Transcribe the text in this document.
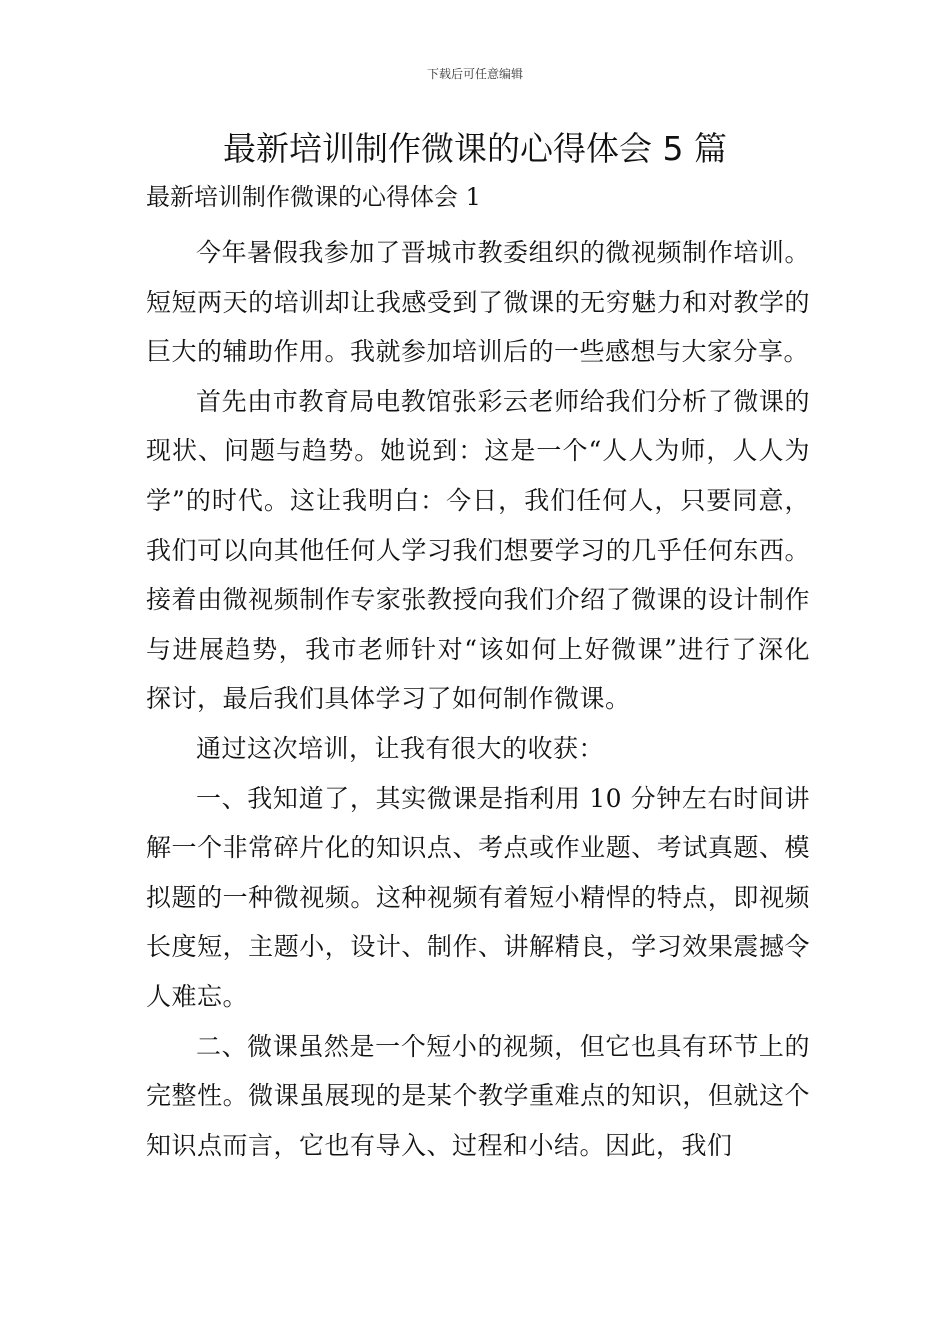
下载后可任意编辑
最新培训制作微课的心得体会 5 篇
最新培训制作微课的心得体会 1

今年暑假我参加了晋城市教委组织的微视频制作培训。短短两天的培训却让我感受到了微课的无穷魅力和对教学的巨大的辅助作用。我就参加培训后的一些感想与大家分享。

首先由市教育局电教馆张彩云老师给我们分析了微课的现状、问题与趋势。她说到：这是一个“人人为师，人人为学”的时代。这让我明白：今日，我们任何人，只要同意，我们可以向其他任何人学习我们想要学习的几乎任何东西。接着由微视频制作专家张教授向我们介绍了微课的设计制作与进展趋势，我市老师针对“该如何上好微课”进行了深化探讨，最后我们具体学习了如何制作微课。

通过这次培训，让我有很大的收获：

一、我知道了，其实微课是指利用 10 分钟左右时间讲解一个非常碎片化的知识点、考点或作业题、考试真题、模拟题的一种微视频。这种视频有着短小精悍的特点，即视频长度短，主题小，设计、制作、讲解精良，学习效果震撼令人难忘。

二、微课虽然是一个短小的视频，但它也具有环节上的完整性。微课虽展现的是某个教学重难点的知识，但就这个知识点而言，它也有导入、过程和小结。因此，我们
